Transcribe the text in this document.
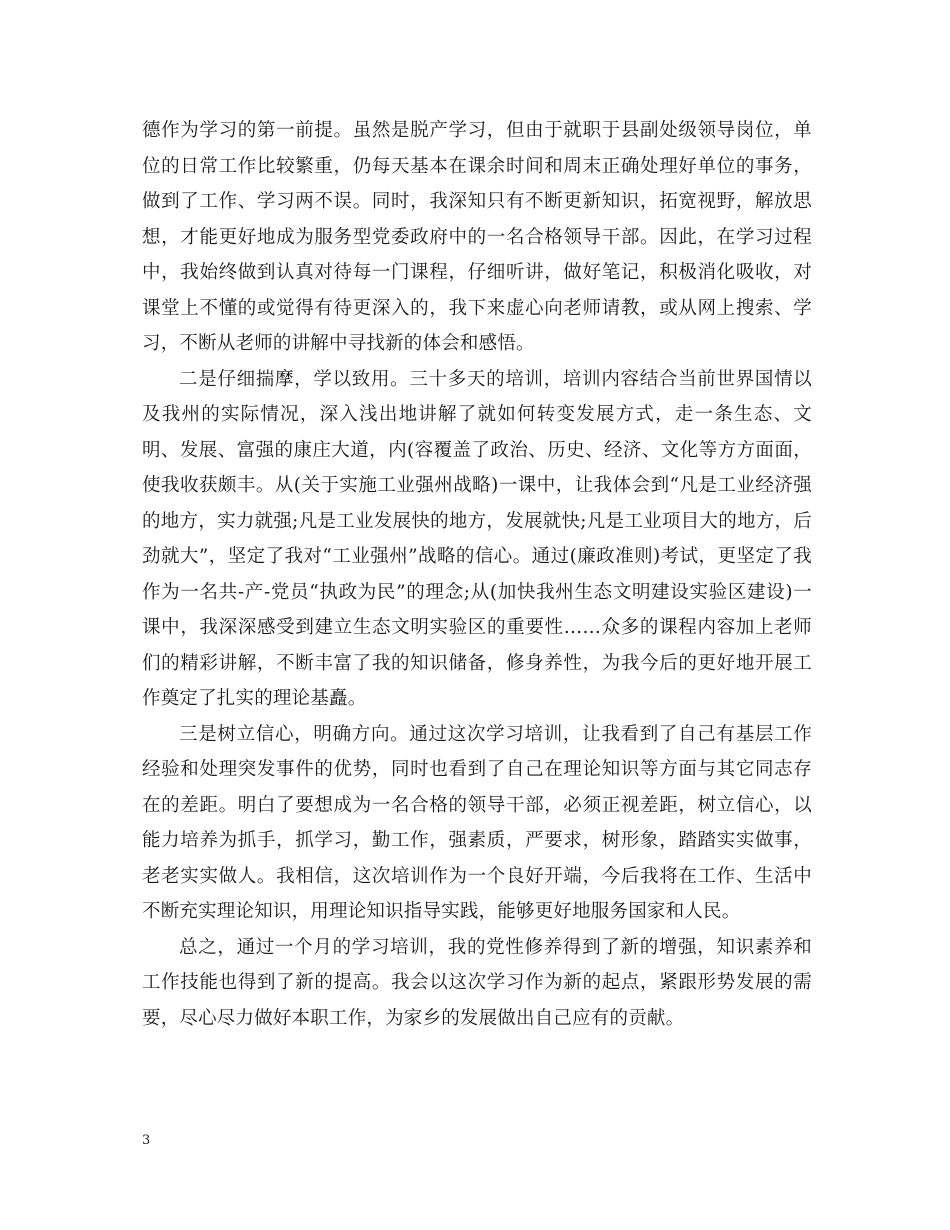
德作为学习的第一前提。虽然是脱产学习，但由于就职于县副处级领导岗位，单位的日常工作比较繁重，仍每天基本在课余时间和周末正确处理好单位的事务，做到了工作、学习两不误。同时，我深知只有不断更新知识，拓宽视野，解放思想，才能更好地成为服务型党委政府中的一名合格领导干部。因此，在学习过程中，我始终做到认真对待每一门课程，仔细听讲，做好笔记，积极消化吸收，对课堂上不懂的或觉得有待更深入的，我下来虚心向老师请教，或从网上搜索、学习，不断从老师的讲解中寻找新的体会和感悟。

二是仔细揣摩，学以致用。三十多天的培训，培训内容结合当前世界国情以及我州的实际情况，深入浅出地讲解了就如何转变发展方式，走一条生态、文明、发展、富强的康庄大道，内(容覆盖了政治、历史、经济、文化等方方面面，使我收获颇丰。从(关于实施工业强州战略)一课中，让我体会到“凡是工业经济强的地方，实力就强;凡是工业发展快的地方，发展就快;凡是工业项目大的地方，后劲就大”，坚定了我对“工业强州”战略的信心。通过(廉政准则)考试，更坚定了我作为一名共-产-党员“执政为民”的理念;从(加快我州生态文明建设实验区建设)一课中，我深深感受到建立生态文明实验区的重要性……众多的课程内容加上老师们的精彩讲解，不断丰富了我的知识储备，修身养性，为我今后的更好地开展工作奠定了扎实的理论基矗。

三是树立信心，明确方向。通过这次学习培训，让我看到了自己有基层工作经验和处理突发事件的优势，同时也看到了自己在理论知识等方面与其它同志存在的差距。明白了要想成为一名合格的领导干部，必须正视差距，树立信心，以能力培养为抓手，抓学习，勤工作，强素质，严要求，树形象，踏踏实实做事，老老实实做人。我相信，这次培训作为一个良好开端，今后我将在工作、生活中不断充实理论知识，用理论知识指导实践，能够更好地服务国家和人民。

总之，通过一个月的学习培训，我的党性修养得到了新的增强，知识素养和工作技能也得到了新的提高。我会以这次学习作为新的起点，紧跟形势发展的需要，尽心尽力做好本职工作，为家乡的发展做出自己应有的贡献。

3
